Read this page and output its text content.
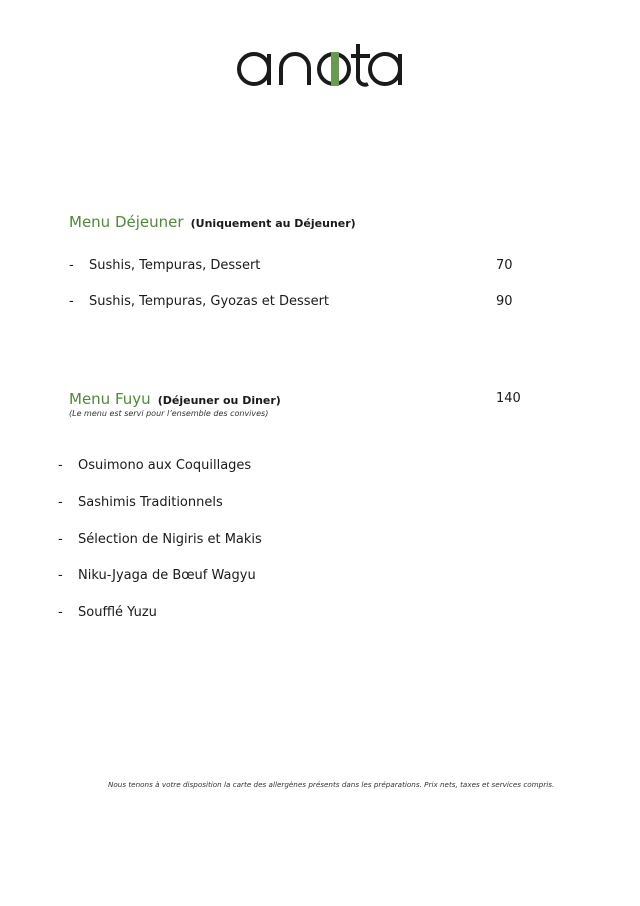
Menu Déjeuner (Uniquement au Déjeuner)
- Sushis, Tempuras, Dessert	70
- Sushis, Tempuras, Gyozas et Dessert	90
Menu Fuyu (Déjeuner ou Diner)	140
(Le menu est servi pour l’ensemble des convives)
- Osuimono aux Coquillages
- Sashimis Traditionnels
- Sélection de Nigiris et Makis
- Niku-Jyaga de Bœuf Wagyu
- Soufflé Yuzu
Nous tenons à votre disposition la carte des allergènes présents dans les préparations. Prix nets, taxes et services compris.
